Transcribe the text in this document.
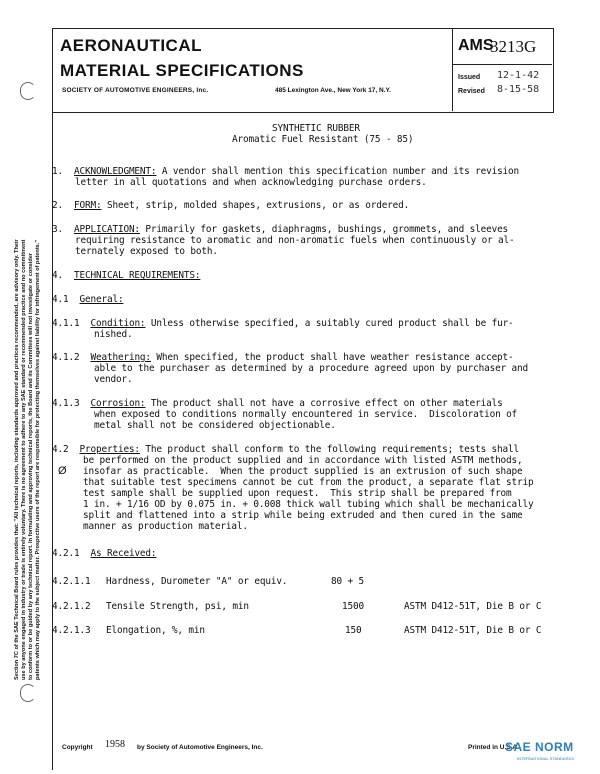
Section 7C of the SAE Technical Board rules provides that: "All technical reports, including standards approved and practices recommended, are advisory only. Their use by anyone engaged in industry or trade is entirely voluntary. There is no agreement to adhere to any SAE standard or recommended practice and no commitment to conform to or be guided by any technical report. In formulating and approving technical reports, the Board and its Committees will not investigate or consider patents which may apply to the subject matter. Prospective users of the report are responsible for protecting themselves against liability for infringement of patents."
AERONAUTICAL
MATERIAL SPECIFICATIONS
SOCIETY OF AUTOMOTIVE ENGINEERS, Inc.	485 Lexington Ave., New York 17, N.Y.
AMS
3213G
Issued 12-1-42
Revised 8-15-58
SYNTHETIC RUBBER
Aromatic Fuel Resistant (75 - 85)
1. ACKNOWLEDGMENT: A vendor shall mention this specification number and its revision
letter in all quotations and when acknowledging purchase orders.
2. FORM: Sheet, strip, molded shapes, extrusions, or as ordered.
3. APPLICATION: Primarily for gaskets, diaphragms, bushings, grommets, and sleeves
requiring resistance to aromatic and non-aromatic fuels when continuously or al-
ternately exposed to both.
4. TECHNICAL REQUIREMENTS:
4.1 General:
4.1.1 Condition: Unless otherwise specified, a suitably cured product shall be fur-
nished.
4.1.2 Weathering: When specified, the product shall have weather resistance accept-
able to the purchaser as determined by a procedure agreed upon by purchaser and
vendor.
4.1.3 Corrosion: The product shall not have a corrosive effect on other materials
when exposed to conditions normally encountered in service.  Discoloration of
metal shall not be considered objectionable.
4.2 Properties: The product shall conform to the following requirements; tests shall
be performed on the product supplied and in accordance with listed ASTM methods,
Ø insofar as practicable.  When the product supplied is an extrusion of such shape
that suitable test specimens cannot be cut from the product, a separate flat strip
test sample shall be supplied upon request.  This strip shall be prepared from
1 in. + 1/16 OD by 0.075 in. + 0.008 thick wall tubing which shall be mechanically
split and flattened into a strip while being extruded and then cured in the same
manner as production material.
4.2.1 As Received:
4.2.1.1 Hardness, Durometer "A" or equiv.	80 + 5
4.2.1.2 Tensile Strength, psi, min	1500	ASTM D412-51T, Die B or C
4.2.1.3 Elongation, %, min	150	ASTM D412-51T, Die B or C
Copyright 1958 by Society of Automotive Engineers, Inc.	Printed in U.S.A.
SAE NORM
INTERNATIONAL STANDARDS
